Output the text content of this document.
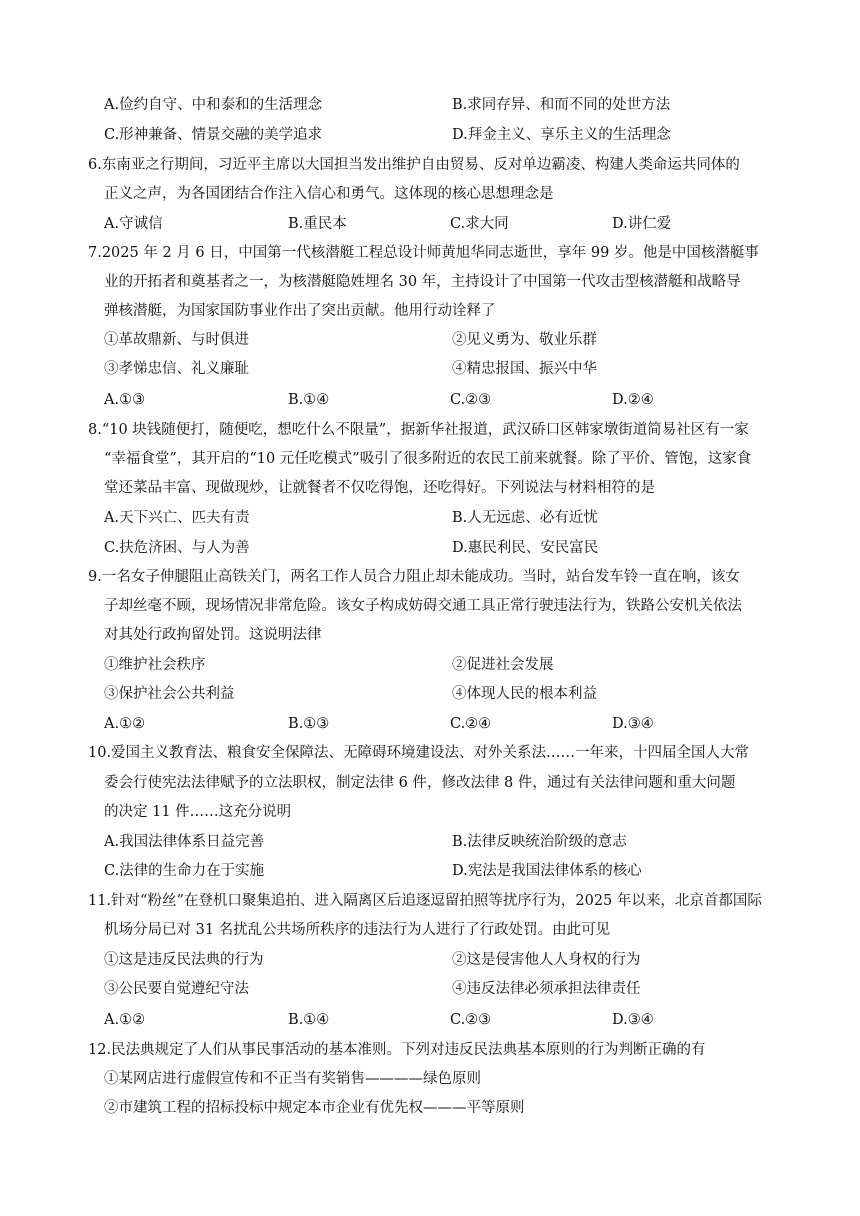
A.俭约自守、中和泰和的生活理念	B.求同存异、和而不同的处世方法
C.形神兼备、情景交融的美学追求	D.拜金主义、享乐主义的生活理念
6.东南亚之行期间，习近平主席以大国担当发出维护自由贸易、反对单边霸凌、构建人类命运共同体的
正义之声，为各国团结合作注入信心和勇气。这体现的核心思想理念是
A.守诚信	B.重民本	C.求大同	D.讲仁爱
7.2025 年 2 月 6 日，中国第一代核潜艇工程总设计师黄旭华同志逝世，享年 99 岁。他是中国核潜艇事
业的开拓者和奠基者之一，为核潜艇隐姓埋名 30 年，主持设计了中国第一代攻击型核潜艇和战略导
弹核潜艇，为国家国防事业作出了突出贡献。他用行动诠释了
①革故鼎新、与时俱进	②见义勇为、敬业乐群
③孝悌忠信、礼义廉耻	④精忠报国、振兴中华
A.①③	B.①④	C.②③	D.②④
8.“10 块钱随便打，随便吃，想吃什么不限量”，据新华社报道，武汉硚口区韩家墩街道简易社区有一家
“幸福食堂”，其开启的“10 元任吃模式”吸引了很多附近的农民工前来就餐。除了平价、管饱，这家食
堂还菜品丰富、现做现炒，让就餐者不仅吃得饱，还吃得好。下列说法与材料相符的是
A.天下兴亡、匹夫有责	B.人无远虑、必有近忧
C.扶危济困、与人为善	D.惠民利民、安民富民
9.一名女子伸腿阻止高铁关门，两名工作人员合力阻止却未能成功。当时，站台发车铃一直在响，该女
子却丝毫不顾，现场情况非常危险。该女子构成妨碍交通工具正常行驶违法行为，铁路公安机关依法
对其处行政拘留处罚。这说明法律
①维护社会秩序	②促进社会发展
③保护社会公共利益	④体现人民的根本利益
A.①②	B.①③	C.②④	D.③④
10.爱国主义教育法、粮食安全保障法、无障碍环境建设法、对外关系法……一年来，十四届全国人大常
委会行使宪法法律赋予的立法职权，制定法律 6 件，修改法律 8 件，通过有关法律问题和重大问题
的决定 11 件……这充分说明
A.我国法律体系日益完善	B.法律反映统治阶级的意志
C.法律的生命力在于实施	D.宪法是我国法律体系的核心
11.针对“粉丝”在登机口聚集追拍、进入隔离区后追逐逗留拍照等扰序行为，2025 年以来，北京首都国际
机场分局已对 31 名扰乱公共场所秩序的违法行为人进行了行政处罚。由此可见
①这是违反民法典的行为	②这是侵害他人人身权的行为
③公民要自觉遵纪守法	④违反法律必须承担法律责任
A.①②	B.①④	C.②③	D.③④
12.民法典规定了人们从事民事活动的基本准则。下列对违反民法典基本原则的行为判断正确的有
①某网店进行虚假宣传和不正当有奖销售————绿色原则
②市建筑工程的招标投标中规定本市企业有优先权———平等原则
